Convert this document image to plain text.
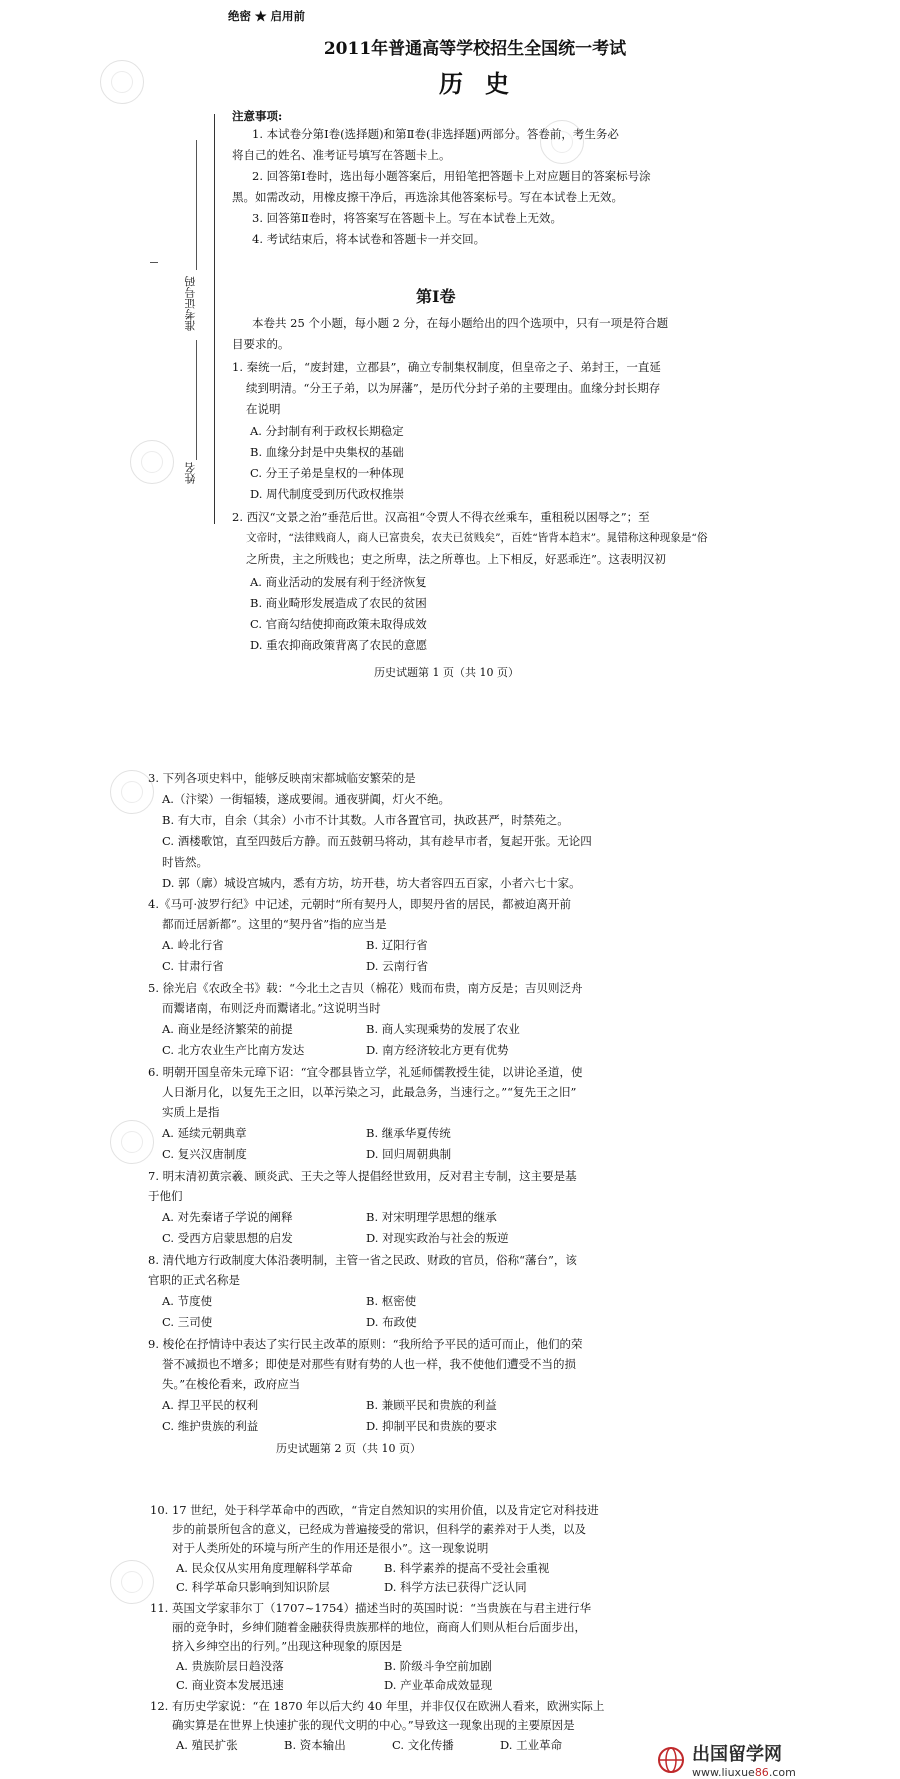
绝密 ★ 启用前
2011年普通高等学校招生全国统一考试
历史
注意事项:
1. 本试卷分第Ⅰ卷(选择题)和第Ⅱ卷(非选择题)两部分。答卷前，考生务必
将自己的姓名、准考证号填写在答题卡上。
2. 回答第Ⅰ卷时，选出每小题答案后，用铅笔把答题卡上对应题目的答案标号涂
黑。如需改动，用橡皮擦干净后，再选涂其他答案标号。写在本试卷上无效。
3. 回答第Ⅱ卷时，将答案写在答题卡上。写在本试卷上无效。
4. 考试结束后，将本试卷和答题卡一并交回。
准考证号码
姓名
第Ⅰ卷
本卷共 25 个小题，每小题 2 分，在每小题给出的四个选项中，只有一项是符合题
目要求的。
1. 秦统一后，“废封建，立郡县”，确立专制集权制度，但皇帝之子、弟封王，一直延
续到明清。“分王子弟，以为屏藩”，是历代分封子弟的主要理由。血缘分封长期存
在说明
A. 分封制有利于政权长期稳定
B. 血缘分封是中央集权的基础
C. 分王子弟是皇权的一种体现
D. 周代制度受到历代政权推崇
2. 西汉“文景之治”垂范后世。汉高祖“令贾人不得衣丝乘车，重租税以困辱之”；至
文帝时，“法律贱商人，商人已富贵矣，农夫已贫贱矣”，百姓“皆背本趋末”。晁错称这种现象是“俗
之所贵，主之所贱也；吏之所卑，法之所尊也。上下相反，好恶乖迕”。这表明汉初
A. 商业活动的发展有利于经济恢复
B. 商业畸形发展造成了农民的贫困
C. 官商勾结使抑商政策未取得成效
D. 重农抑商政策背离了农民的意愿
历史试题第 1 页（共 10 页）
3. 下列各项史料中，能够反映南宋都城临安繁荣的是
A.（汴梁）一街辐辏，遂成要闹。通夜骈阗，灯火不绝。
B. 有大市，自余（其余）小市不计其数。人市各置官司，执政甚严，时禁苑之。
C. 酒楼歌馆，直至四鼓后方静。而五鼓朝马将动，其有趁早市者，复起开张。无论四
时皆然。
D. 郭（廓）城设宫城内，悉有方坊，坊开巷，坊大者容四五百家，小者六七十家。
4.《马可·波罗行纪》中记述，元朝时“所有契丹人，即契丹省的居民，都被迫离开前
都而迁居新都”。这里的“契丹省”指的应当是
A. 岭北行省	B. 辽阳行省
C. 甘肃行省	D. 云南行省
5. 徐光启《农政全书》载：“今北土之吉贝（棉花）贱而布贵，南方反是；吉贝则泛舟
而鬻诸南，布则泛舟而鬻诸北。”这说明当时
A. 商业是经济繁荣的前提	B. 商人实现乘势的发展了农业
C. 北方农业生产比南方发达	D. 南方经济较北方更有优势
6. 明朝开国皇帝朱元璋下诏：“宜令郡县皆立学，礼延师儒教授生徒，以讲论圣道，使
人日渐月化，以复先王之旧，以革污染之习，此最急务，当速行之。”“复先王之旧”
实质上是指
A. 延续元朝典章	B. 继承华夏传统
C. 复兴汉唐制度	D. 回归周朝典制
7. 明末清初黄宗羲、顾炎武、王夫之等人提倡经世致用，反对君主专制，这主要是基
于他们
A. 对先秦诸子学说的阐释	B. 对宋明理学思想的继承
C. 受西方启蒙思想的启发	D. 对现实政治与社会的叛逆
8. 清代地方行政制度大体沿袭明制，主管一省之民政、财政的官员，俗称“藩台”，该
官职的正式名称是
A. 节度使	B. 枢密使
C. 三司使	D. 布政使
9. 梭伦在抒情诗中表达了实行民主改革的原则：“我所给予平民的适可而止，他们的荣
誉不减损也不增多；即使是对那些有财有势的人也一样，我不使他们遭受不当的损
失。”在梭伦看来，政府应当
A. 捍卫平民的权利	B. 兼顾平民和贵族的利益
C. 维护贵族的利益	D. 抑制平民和贵族的要求
历史试题第 2 页（共 10 页）
10. 17 世纪，处于科学革命中的西欧，“肯定自然知识的实用价值，以及肯定它对科技进
步的前景所包含的意义，已经成为普遍接受的常识，但科学的素养对于人类，以及
对于人类所处的环境与所产生的作用还是很小”。这一现象说明
A. 民众仅从实用角度理解科学革命	B. 科学素养的提高不受社会重视
C. 科学革命只影响到知识阶层	D. 科学方法已获得广泛认同
11. 英国文学家菲尔丁（1707~1754）描述当时的英国时说：“当贵族在与君主进行华
丽的竞争时，乡绅们随着金融获得贵族那样的地位，商商人们则从柜台后面步出，
挤入乡绅空出的行列。”出现这种现象的原因是
A. 贵族阶层日趋没落	B. 阶级斗争空前加剧
C. 商业资本发展迅速	D. 产业革命成效显现
12. 有历史学家说：“在 1870 年以后大约 40 年里，并非仅仅在欧洲人看来，欧洲实际上
确实算是在世界上快速扩张的现代文明的中心。”导致这一现象出现的主要原因是
A. 殖民扩张	B. 资本输出	C. 文化传播	D. 工业革命	出国留学网
www.liuxue86.com
